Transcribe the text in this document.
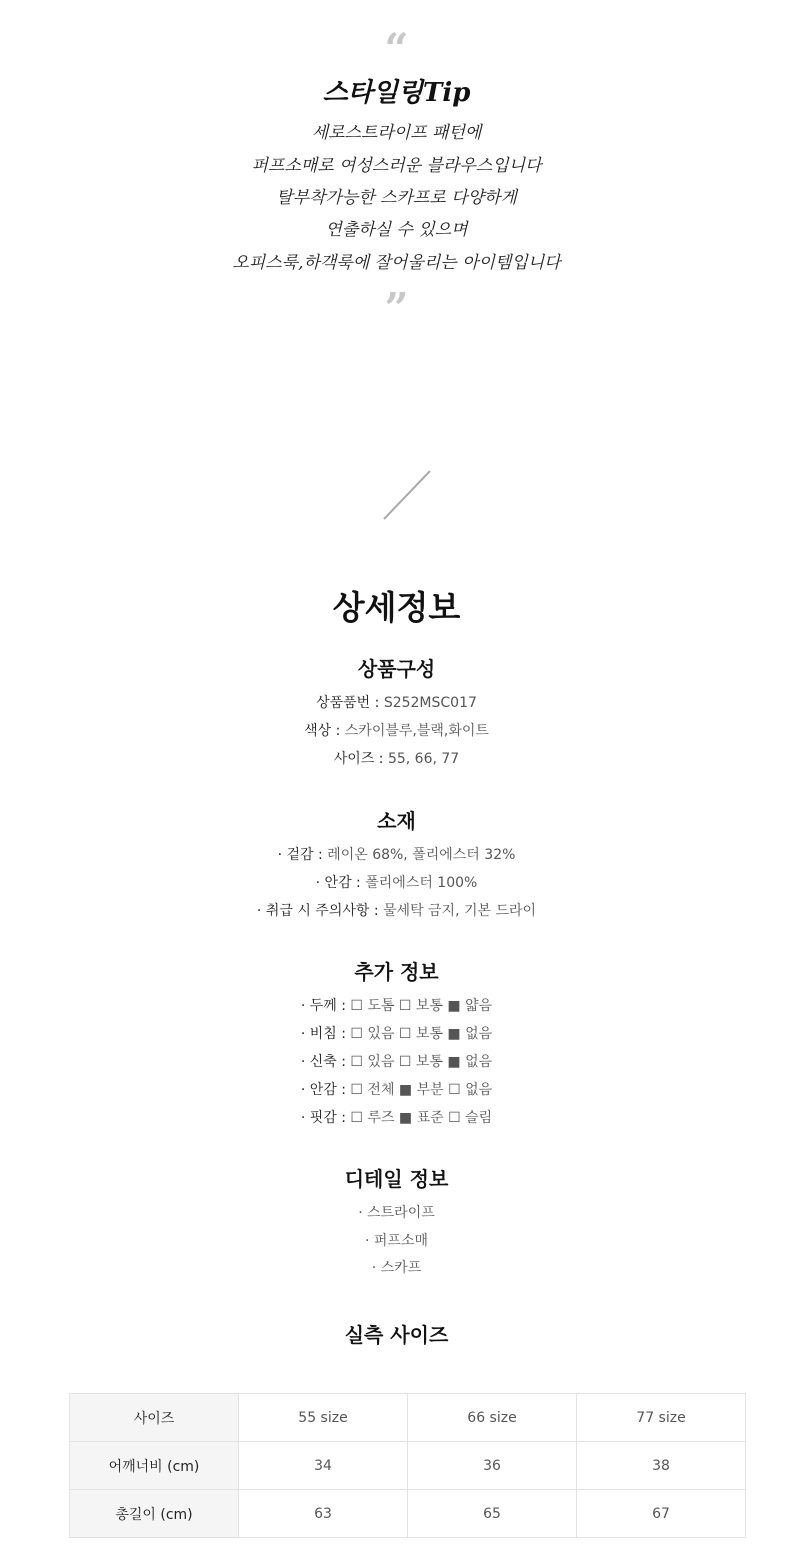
“
스타일링Tip
세로스트라이프 패턴에
퍼프소매로 여성스러운 블라우스입니다
탈부착가능한 스카프로 다양하게
연출하실 수 있으며
오피스룩,하객룩에 잘어울리는 아이템입니다
”
상세정보
상품구성
상품품번 : S252MSC017
색상 : 스카이블루,블랙,화이트
사이즈 : 55, 66, 77
소재
· 겉감 : 레이온 68%, 폴리에스터 32%
· 안감 : 폴리에스터 100%
· 취급 시 주의사항 : 물세탁 금지, 기본 드라이
추가 정보
· 두께 : ☐ 도톰 ☐ 보통 ■ 얇음
· 비침 : ☐ 있음 ☐ 보통 ■ 없음
· 신축 : ☐ 있음 ☐ 보통 ■ 없음
· 안감 : ☐ 전체 ■ 부분 ☐ 없음
· 핏감 : ☐ 루즈 ■ 표준 ☐ 슬림
디테일 정보
· 스트라이프
· 퍼프소매
· 스카프
실측 사이즈
사이즈	55 size	66 size	77 size
어깨너비 (cm)	34	36	38
총길이 (cm)	63	65	67
